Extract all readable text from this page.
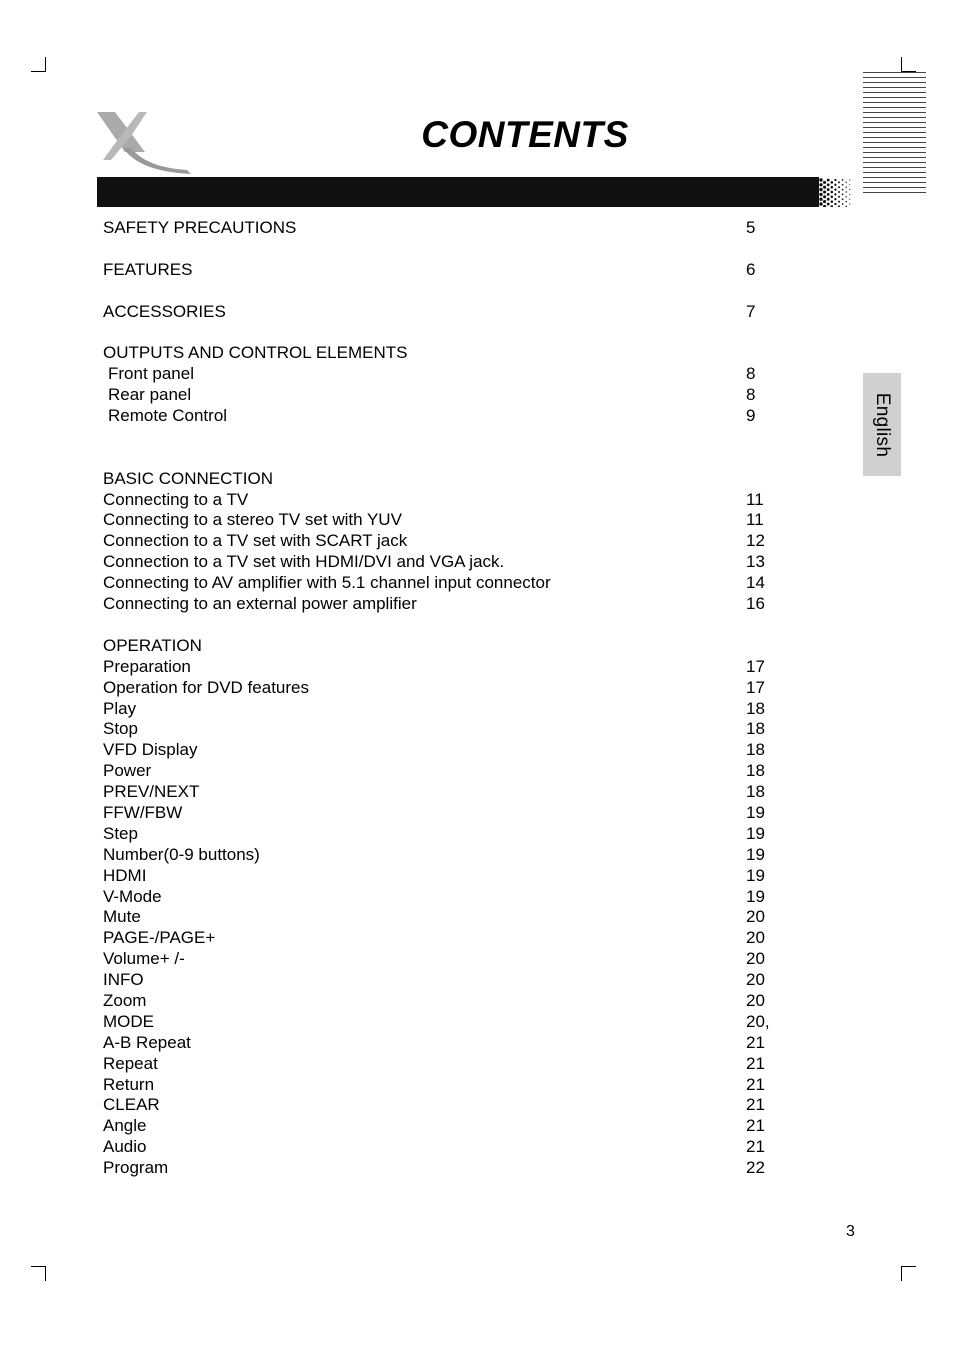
CONTENTS
English
SAFETY PRECAUTIONS	5
FEATURES	6
ACCESSORIES	7
OUTPUTS AND CONTROL ELEMENTS
Front panel	8
Rear panel	8
Remote Control	9
BASIC CONNECTION
Connecting to a TV	11
Connecting to a stereo TV set with YUV	11
Connection to a TV set with SCART jack	12
Connection to a TV set with HDMI/DVI and VGA jack.	13
Connecting to AV amplifier with 5.1 channel input connector	14
Connecting to an external power amplifier	16
OPERATION
Preparation	17
Operation for DVD features	17
Play	18
Stop	18
VFD Display	18
Power	18
PREV/NEXT	18
FFW/FBW	19
Step	19
Number(0-9 buttons)	19
HDMI	19
V-Mode	19
Mute	20
PAGE-/PAGE+	20
Volume+ /-	20
INFO	20
Zoom	20
MODE	20,
A-B Repeat	21
Repeat	21
Return	21
CLEAR	21
Angle	21
Audio	21
Program	22
3
